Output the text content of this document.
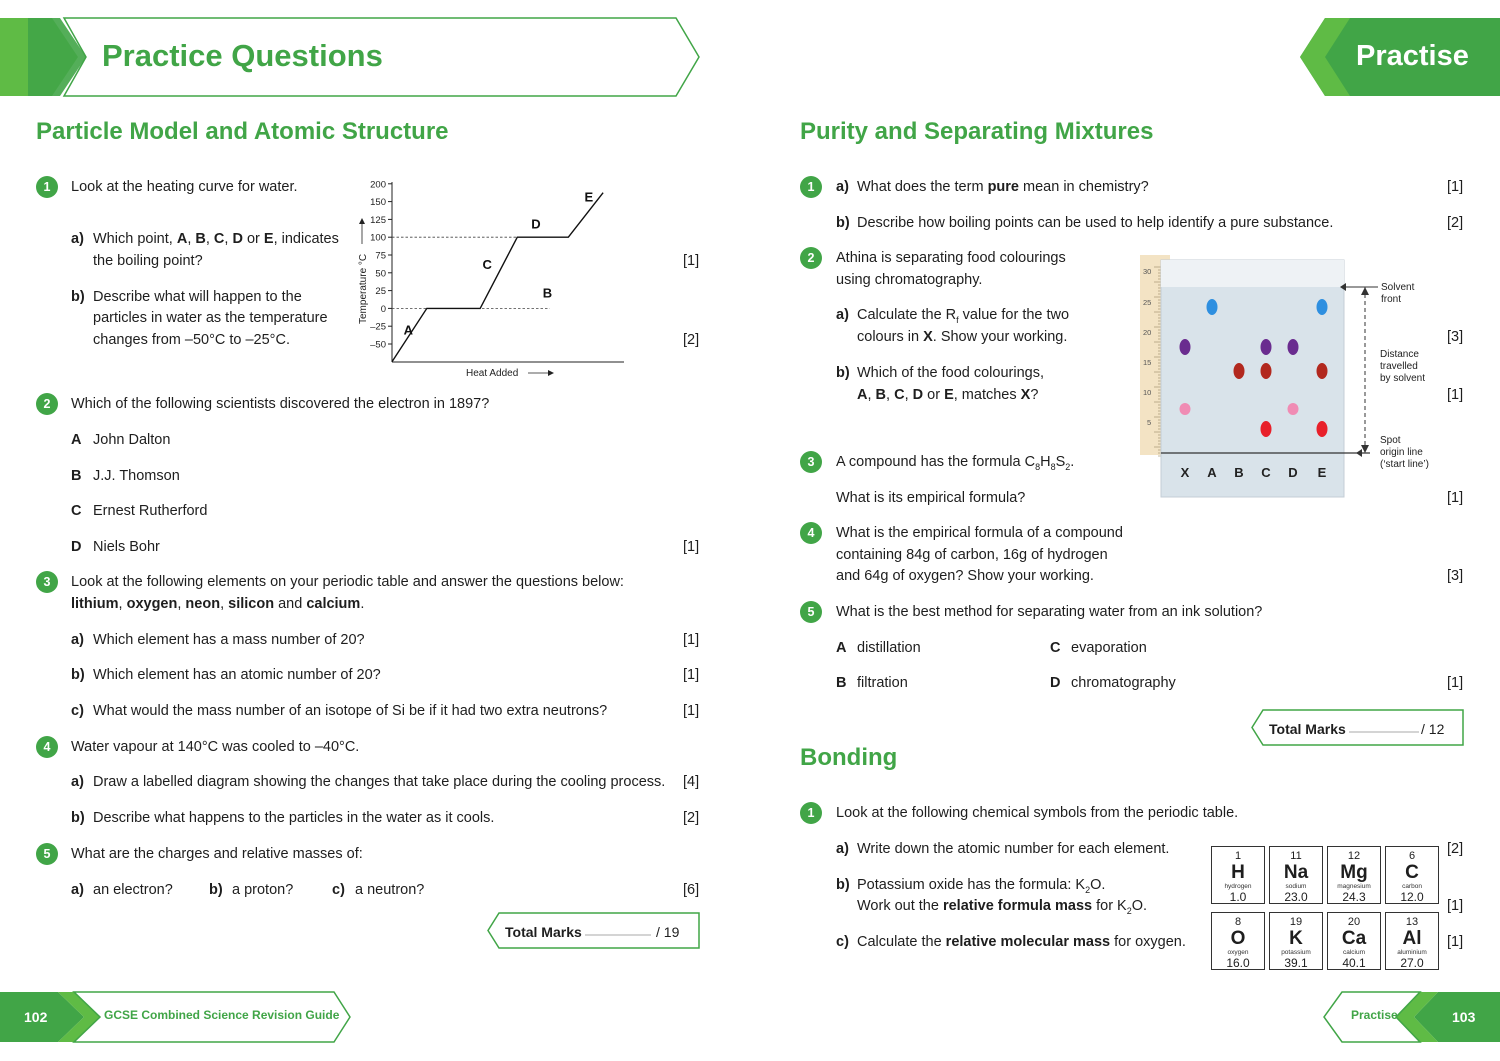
Practice Questions	Practise
Particle Model and Atomic Structure
1	Look at the heating curve for water.
a) Which point, A, B, C, D or E, indicates
the boiling point?	[1]
b) Describe what will happen to the
particles in water as the temperature
changes from –50°C to –25°C.	[2]
–50
–25
0
25
50
75
100
125
150
200
A
B
C
D
E
Heat Added
Temperature °C
2	Which of the following scientists discovered the electron in 1897?
A John Dalton
B J.J. Thomson
C Ernest Rutherford
D Niels Bohr	[1]
3	Look at the following elements on your periodic table and answer the questions below:
lithium, oxygen, neon, silicon and calcium.
a) Which element has a mass number of 20?	[1]
b) Which element has an atomic number of 20?	[1]
c) What would the mass number of an isotope of Si be if it had two extra neutrons?	[1]
4	Water vapour at 140°C was cooled to –40°C.
a) Draw a labelled diagram showing the changes that take place during the cooling process. [4]
b) Describe what happens to the particles in the water as it cools.	[2]
5	What are the charges and relative masses of:
a) an electron? b) a proton?	c) a neutron?	[6]
Total Marks	/ 19
Purity and Separating Mixtures
1	a) What does the term pure mean in chemistry?	[1]
b) Describe how boiling points can be used to help identify a pure substance.	[2]
2	Athina is separating food colourings
using chromatography.
a) Calculate the $R_f$ value for the two
colours in X. Show your working.	[3]
b) Which of the food colourings,
A, B, C, D or E, matches X?	[1]
30
25
20
15
10
5
X A B C D E
Solvent
front
Distance
travelled
by solvent
Spot
origin line
(‘start line’)
3	A compound has the formula $C_8H_8S_2$.
What is its empirical formula?	[1]
4	What is the empirical formula of a compound
containing 84g of carbon, 16g of hydrogen
and 64g of oxygen? Show your working.	[3]
5	What is the best method for separating water from an ink solution?
A distillation	C evaporation
B filtration	D chromatography	[1]
Total Marks	/ 12
Bonding
1	Look at the following chemical symbols from the periodic table.
a) Write down the atomic number for each element.	[2]
b) Potassium oxide has the formula: $K_2O$.
Work out the relative formula mass for $K_2O$.	[1]
c) Calculate the relative molecular mass for oxygen.	[1]
1
H
hydrogen
1.0
11
Na
sodium
23.0
12
Mg
magnesium
24.3
6
C
carbon
12.0
8
O
oxygen
16.0
19
K
potassium
39.1
20
Ca
calcium
40.1
13
Al
aluminium
27.0
102	GCSE Combined Science Revision Guide	Practise	103
